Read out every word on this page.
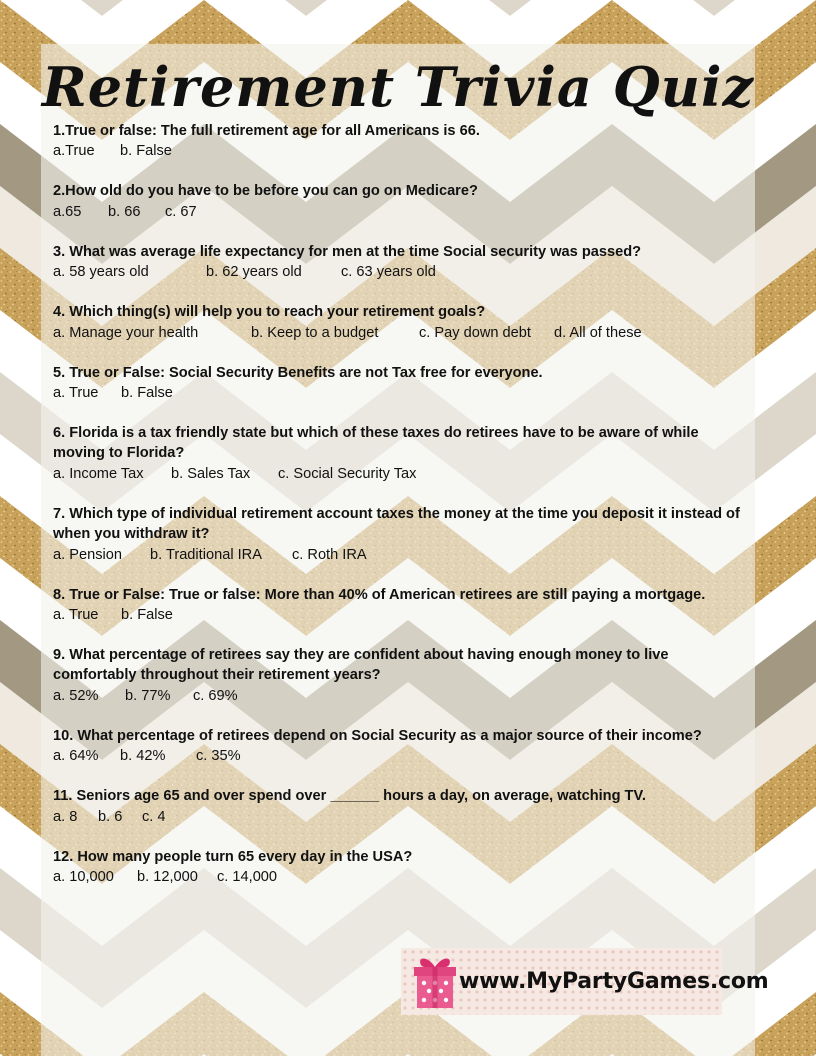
Retirement Trivia Quiz
1.True or false: The full retirement age for all Americans is 66.
a.True b. False
2.How old do you have to be before you can go on Medicare?
a.65 b. 66 c. 67
3. What was average life expectancy for men at the time Social security was passed?
a. 58 years old	b. 62 years old	c. 63 years old
4. Which thing(s) will help you to reach your retirement goals?
a. Manage your health	b. Keep to a budget	c. Pay down debt d. All of these
5. True or False: Social Security Benefits are not Tax free for everyone.
a. True b. False
6. Florida is a tax friendly state but which of these taxes do retirees have to be aware of while moving to Florida?
a. Income Tax b. Sales Tax c. Social Security Tax
7. Which type of individual retirement account taxes the money at the time you deposit it instead of when you withdraw it?
a. Pension b. Traditional IRA c. Roth IRA
8. True or False: True or false: More than 40% of American retirees are still paying a mortgage.
a. True b. False
9. What percentage of retirees say they are confident about having enough money to live comfortably throughout their retirement years?
a. 52% b. 77% c. 69%
10. What percentage of retirees depend on Social Security as a major source of their income?
a. 64% b. 42% c. 35%
11. Seniors age 65 and over spend over ______ hours a day, on average, watching TV.
a. 8 b. 6 c. 4
12. How many people turn 65 every day in the USA?
a. 10,000 b. 12,000 c. 14,000
www.MyPartyGames.com
